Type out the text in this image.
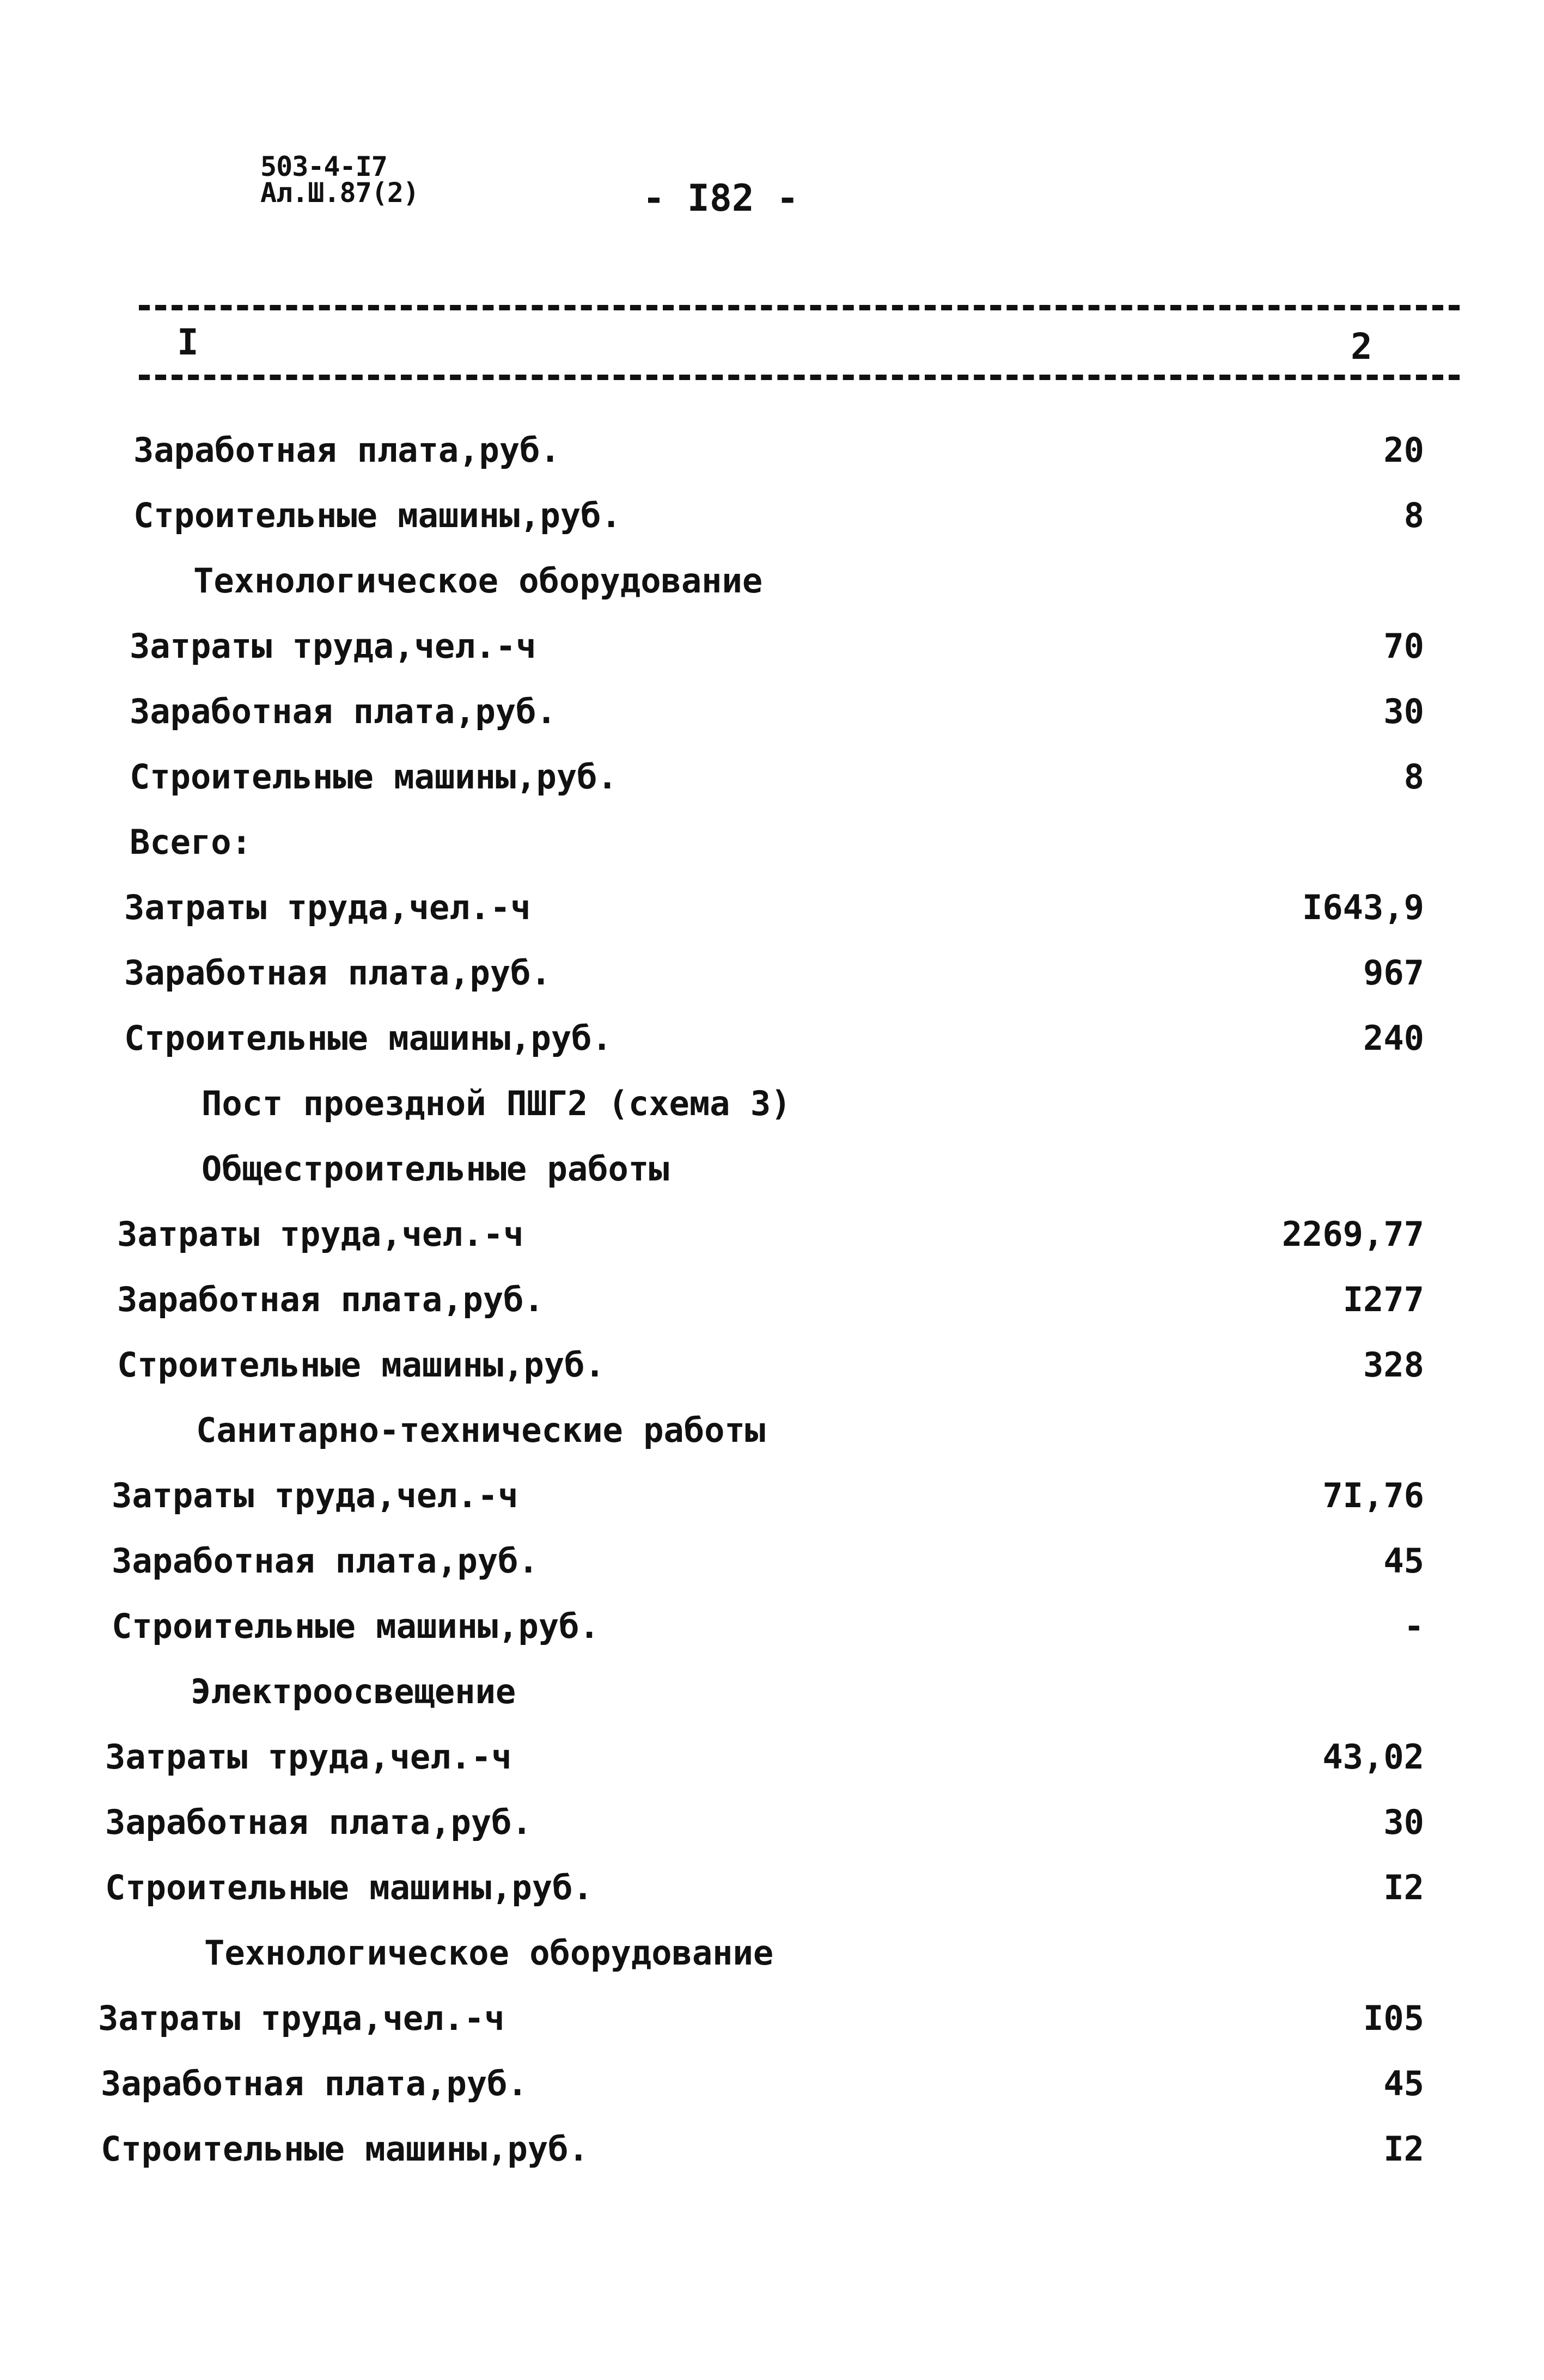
503-4-I7
Ал.Ш.87(2)	- I82 -
I	2
Заработная плата,руб.	20
Строительные машины,руб.	8
Технологическое оборудование
Затраты труда,чел.-ч	70
Заработная плата,руб.	30
Строительные машины,руб.	8
Всего:
Затраты труда,чел.-ч	I643,9
Заработная плата,руб.	967
Строительные машины,руб.	240
Пост проездной ПШГ2 (схема 3)
Общестроительные работы
Затраты труда,чел.-ч	2269,77
Заработная плата,руб.	I277
Строительные машины,руб.	328
Санитарно-технические работы
Затраты труда,чел.-ч	7I,76
Заработная плата,руб.	45
Строительные машины,руб.	-
Электроосвещение
Затраты труда,чел.-ч	43,02
Заработная плата,руб.	30
Строительные машины,руб.	I2
Технологическое оборудование
Затраты труда,чел.-ч	I05
Заработная плата,руб.	45
Строительные машины,руб.	I2
